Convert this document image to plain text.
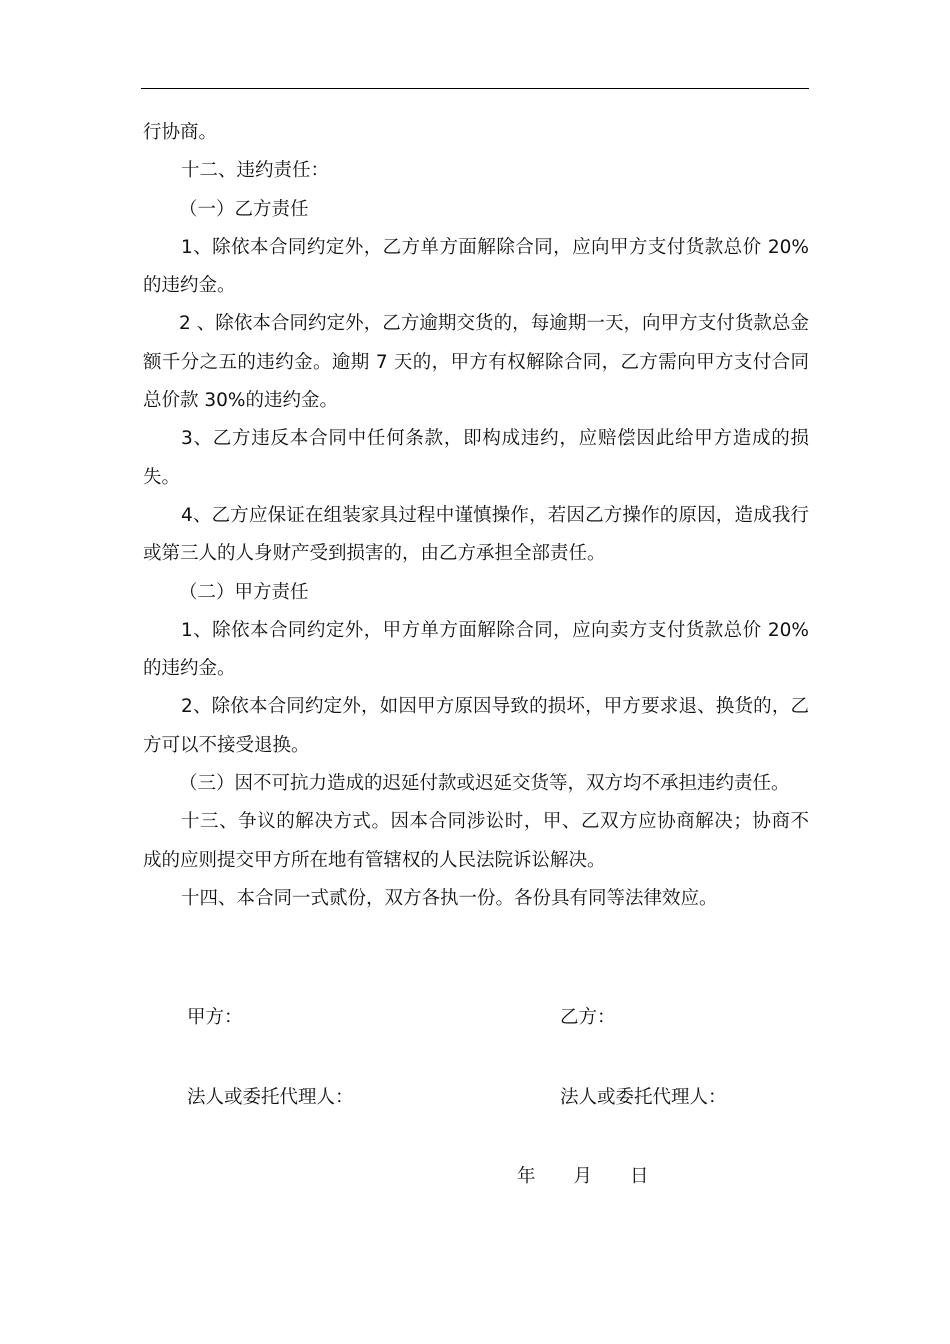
行协商。

十二、违约责任：

（一）乙方责任

1、除依本合同约定外，乙方单方面解除合同，应向甲方支付货款总价 20%的违约金。

2 、除依本合同约定外，乙方逾期交货的，每逾期一天，向甲方支付货款总金额千分之五的违约金。逾期 7 天的，甲方有权解除合同，乙方需向甲方支付合同总价款 30%的违约金。

3、乙方违反本合同中任何条款，即构成违约，应赔偿因此给甲方造成的损失。

4、乙方应保证在组装家具过程中谨慎操作，若因乙方操作的原因，造成我行或第三人的人身财产受到损害的，由乙方承担全部责任。

（二）甲方责任

1、除依本合同约定外，甲方单方面解除合同，应向卖方支付货款总价 20%的违约金。

2、除依本合同约定外，如因甲方原因导致的损坏，甲方要求退、换货的，乙方可以不接受退换。

（三）因不可抗力造成的迟延付款或迟延交货等，双方均不承担违约责任。

十三、争议的解决方式。因本合同涉讼时，甲、乙双方应协商解决；协商不成的应则提交甲方所在地有管辖权的人民法院诉讼解决。

十四、本合同一式贰份，双方各执一份。各份具有同等法律效应。

甲方：	乙方：
法人或委托代理人：	法人或委托代理人：
年 月 日
